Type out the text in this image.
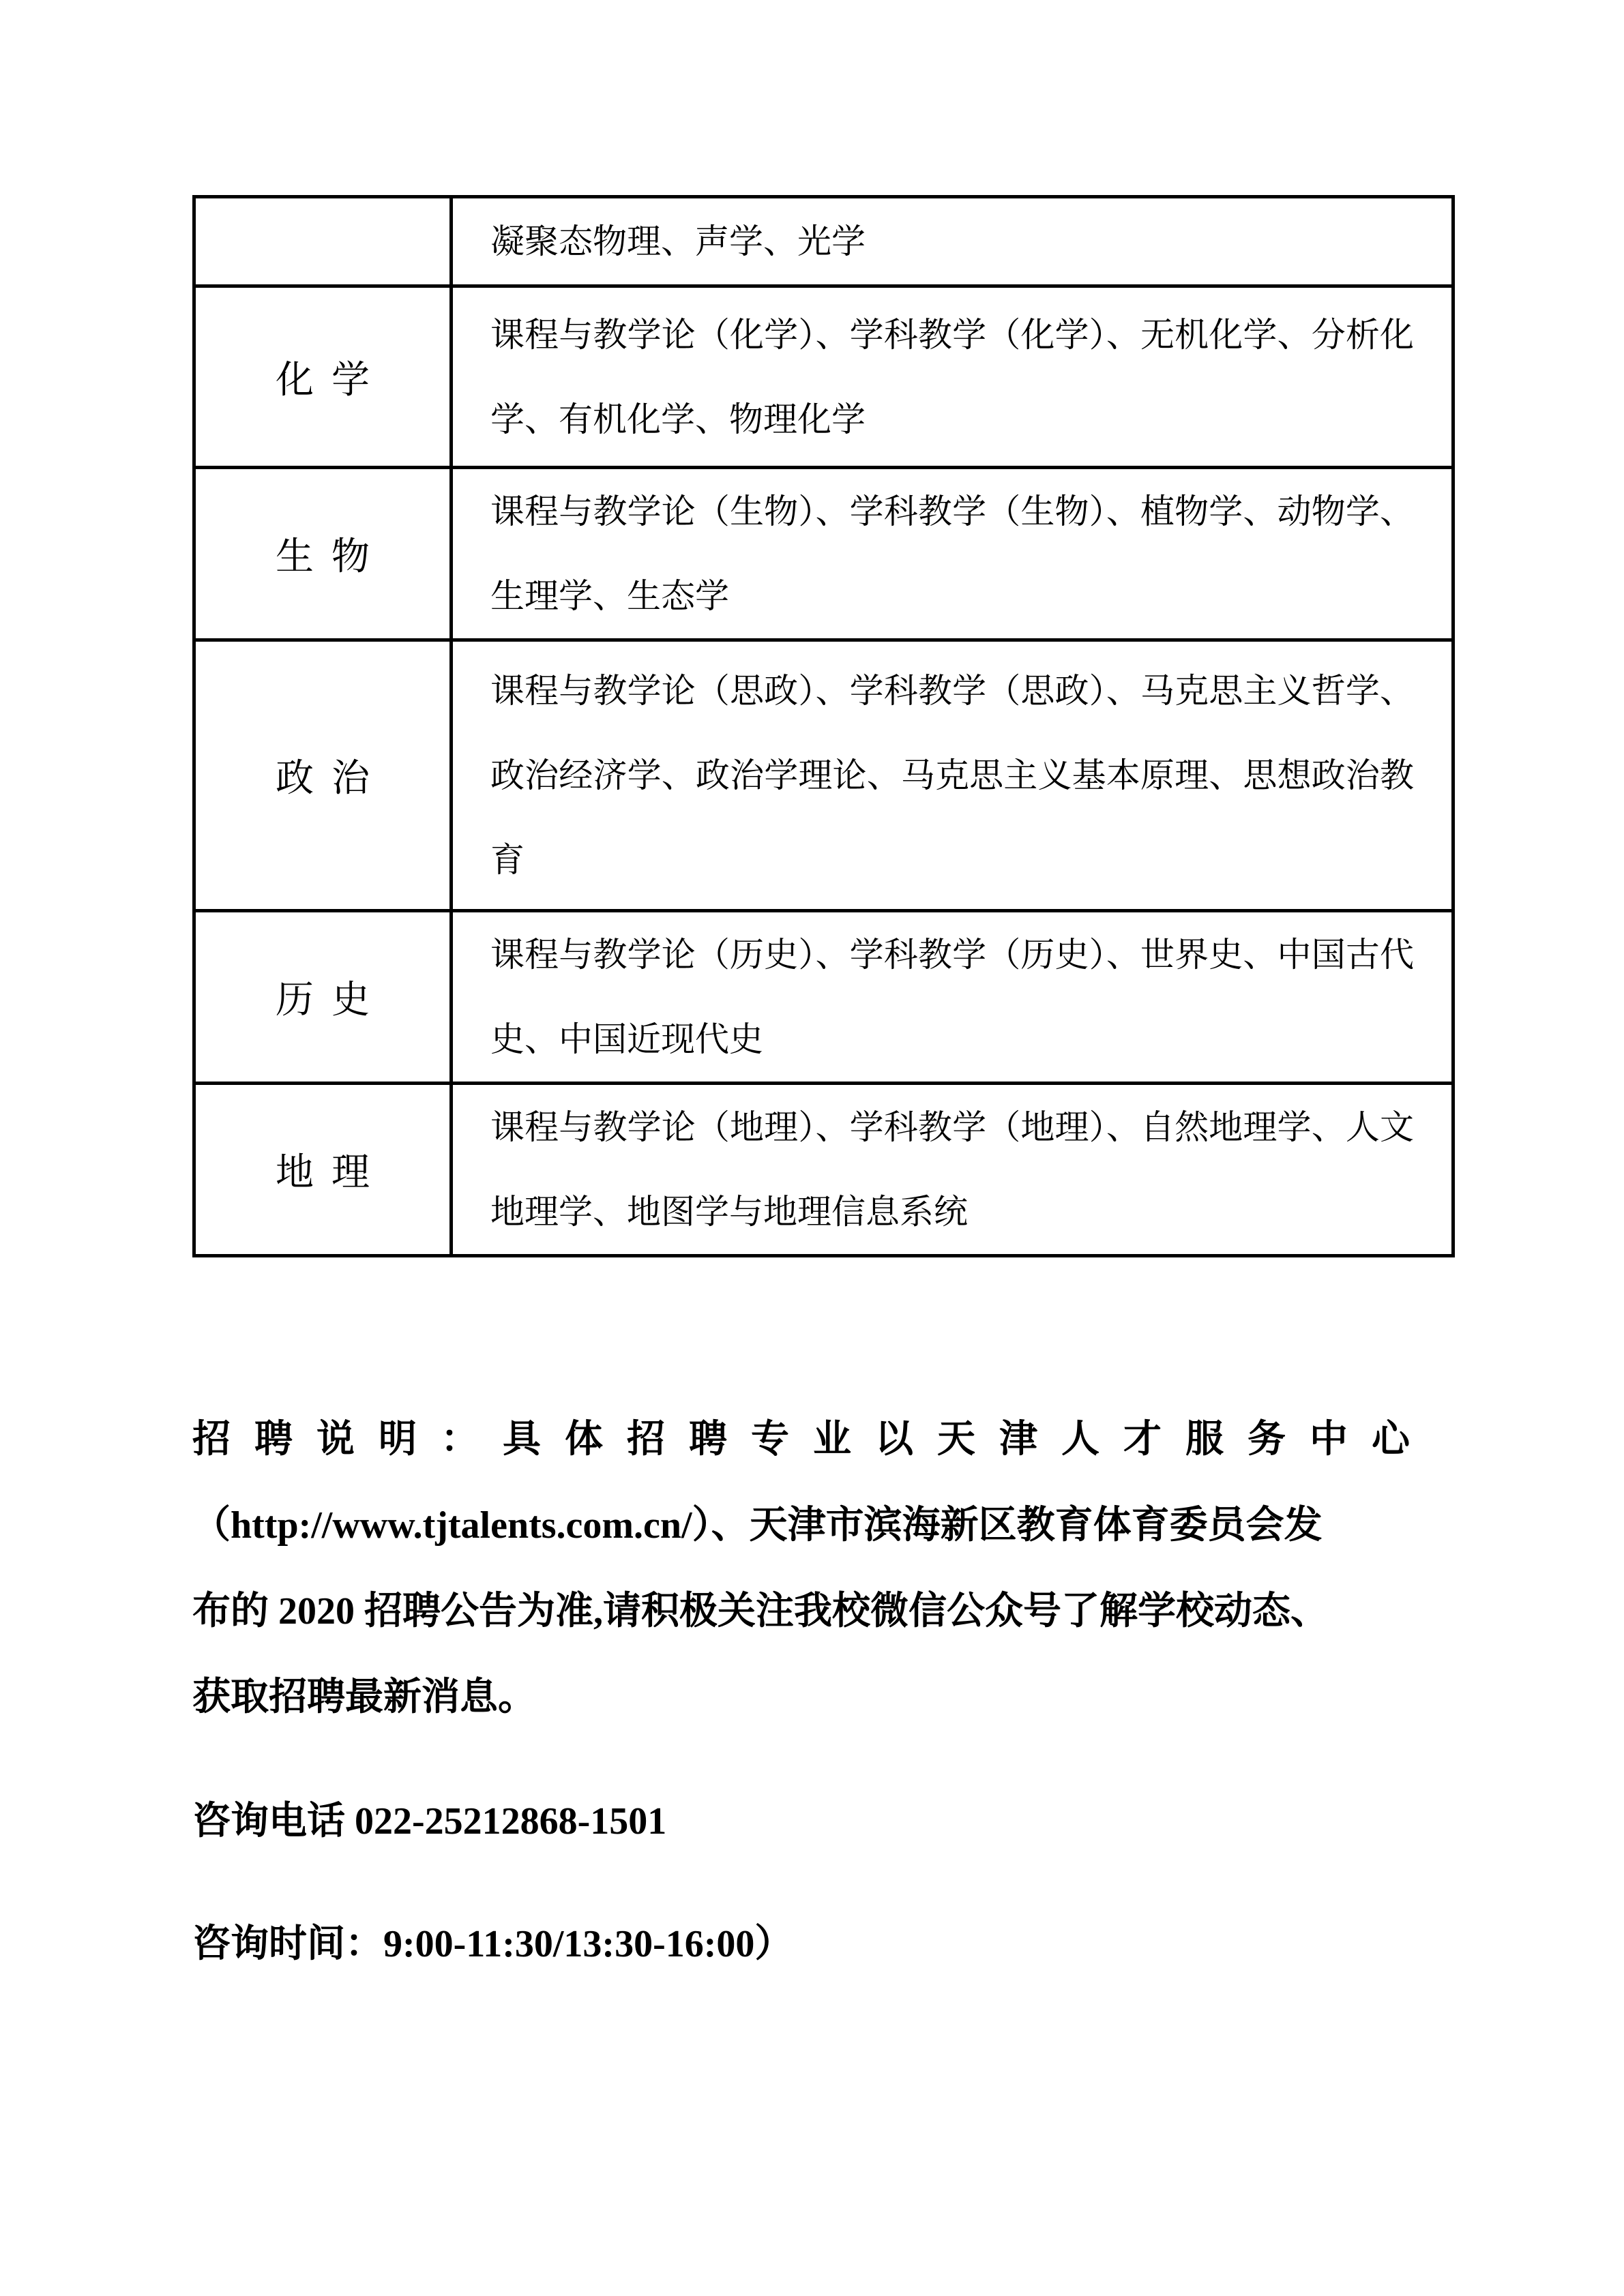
	凝聚态物理、声学、光学
化学	课程与教学论（化学）、学科教学（化学）、无机化学、分析化学、有机化学、物理化学
生物	课程与教学论（生物）、学科教学（生物）、植物学、动物学、生理学、生态学
政治	课程与教学论（思政）、学科教学（思政）、马克思主义哲学、政治经济学、政治学理论、马克思主义基本原理、思想政治教育
历史	课程与教学论（历史）、学科教学（历史）、世界史、中国古代史、中国近现代史
地理	课程与教学论（地理）、学科教学（地理）、自然地理学、人文地理学、地图学与地理信息系统

招聘说明：具体招聘专业以天津人才服务中心
（http://www.tjtalents.com.cn/）、天津市滨海新区教育体育委员会发
布的 2020 招聘公告为准,请积极关注我校微信公众号了解学校动态、
获取招聘最新消息。

咨询电话 022-25212868-1501

咨询时间：9:00-11:30/13:30-16:00）
